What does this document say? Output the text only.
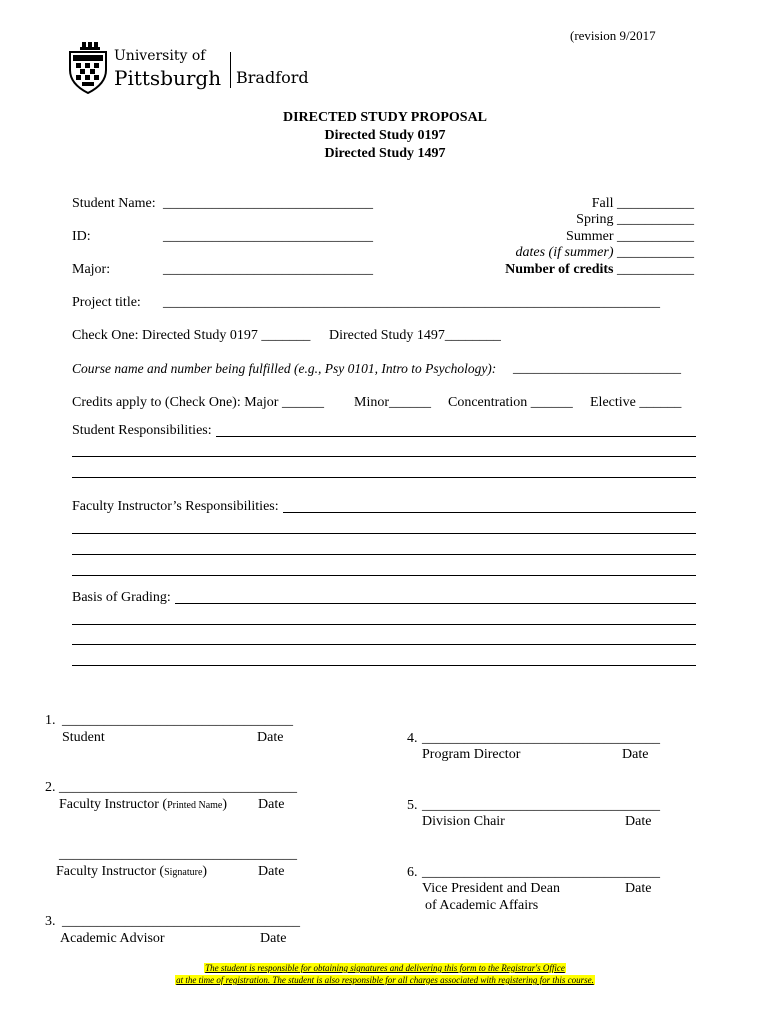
(revision 9/2017
University of
Pittsburgh Bradford
DIRECTED STUDY PROPOSAL
Directed Study 0197
Directed Study 1497
Student Name: ______________________________
ID:	______________________________
Major:	______________________________
Fall ___________
Spring ___________
Summer ___________
dates (if summer) ___________
Number of credits ___________
Project title: _______________________________________________________________________
Check One: Directed Study 0197 _______ Directed Study 1497________
Course name and number being fulfilled (e.g., Psy 0101, Intro to Psychology): ________________________
Credits apply to (Check One): Major ______ Minor______ Concentration ______ Elective ______
Student Responsibilities:
Faculty Instructor’s Responsibilities:
Basis of Grading:
1. _________________________________
Student	Date
2. __________________________________
Faculty Instructor (Printed Name) Date
__________________________________
Faculty Instructor (Signature)	Date
3. __________________________________
Academic Advisor	Date
4. __________________________________
Program Director	Date
5. __________________________________
Division Chair	Date
6. __________________________________
Vice President and Dean
of Academic Affairs
Date
The student is responsible for obtaining signatures and delivering this form to the Registrar's Office
at the time of registration. The student is also responsible for all charges associated with registering for this course.
